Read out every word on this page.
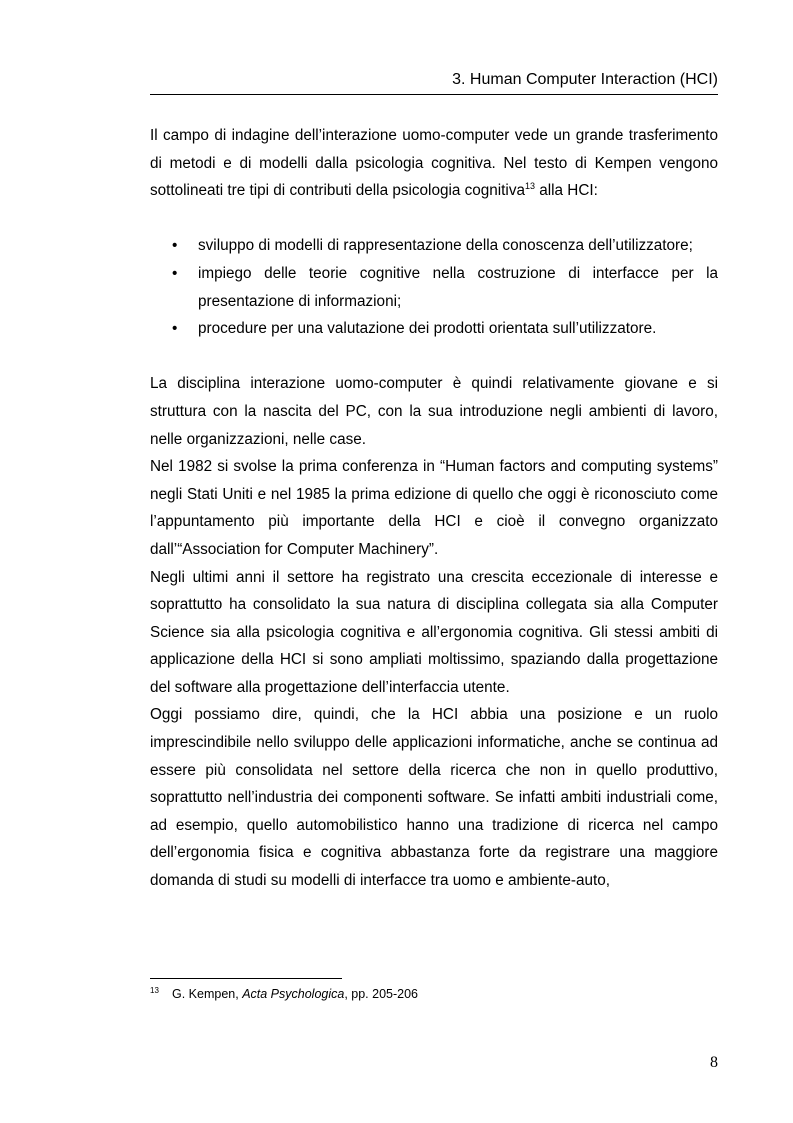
3. Human Computer Interaction (HCI)

Il campo di indagine dell’interazione uomo-computer vede un grande trasferimento di metodi e di modelli dalla psicologia cognitiva. Nel testo di Kempen vengono sottolineati tre tipi di contributi della psicologia cognitiva$^{13}$ alla HCI:

• sviluppo di modelli di rappresentazione della conoscenza dell’utilizzatore;
• impiego delle teorie cognitive nella costruzione di interfacce per la presentazione di informazioni;
• procedure per una valutazione dei prodotti orientata sull’utilizzatore.

La disciplina interazione uomo-computer è quindi relativamente giovane e si struttura con la nascita del PC, con la sua introduzione negli ambienti di lavoro, nelle organizzazioni, nelle case.

Nel 1982 si svolse la prima conferenza in “Human factors and computing systems” negli Stati Uniti e nel 1985 la prima edizione di quello che oggi è riconosciuto come l’appuntamento più importante della HCI e cioè il convegno organizzato dall’“Association for Computer Machinery”.

Negli ultimi anni il settore ha registrato una crescita eccezionale di interesse e soprattutto ha consolidato la sua natura di disciplina collegata sia alla Computer Science sia alla psicologia cognitiva e all’ergonomia cognitiva. Gli stessi ambiti di applicazione della HCI si sono ampliati moltissimo, spaziando dalla progettazione del software alla progettazione dell’interfaccia utente.

Oggi possiamo dire, quindi, che la HCI abbia una posizione e un ruolo imprescindibile nello sviluppo delle applicazioni informatiche, anche se continua ad essere più consolidata nel settore della ricerca che non in quello produttivo, soprattutto nell’industria dei componenti software. Se infatti ambiti industriali come, ad esempio, quello automobilistico hanno una tradizione di ricerca nel campo dell’ergonomia fisica e cognitiva abbastanza forte da registrare una maggiore domanda di studi su modelli di interfacce tra uomo e ambiente-auto,

$^{13}$ G. Kempen, Acta Psychologica, pp. 205-206
8
